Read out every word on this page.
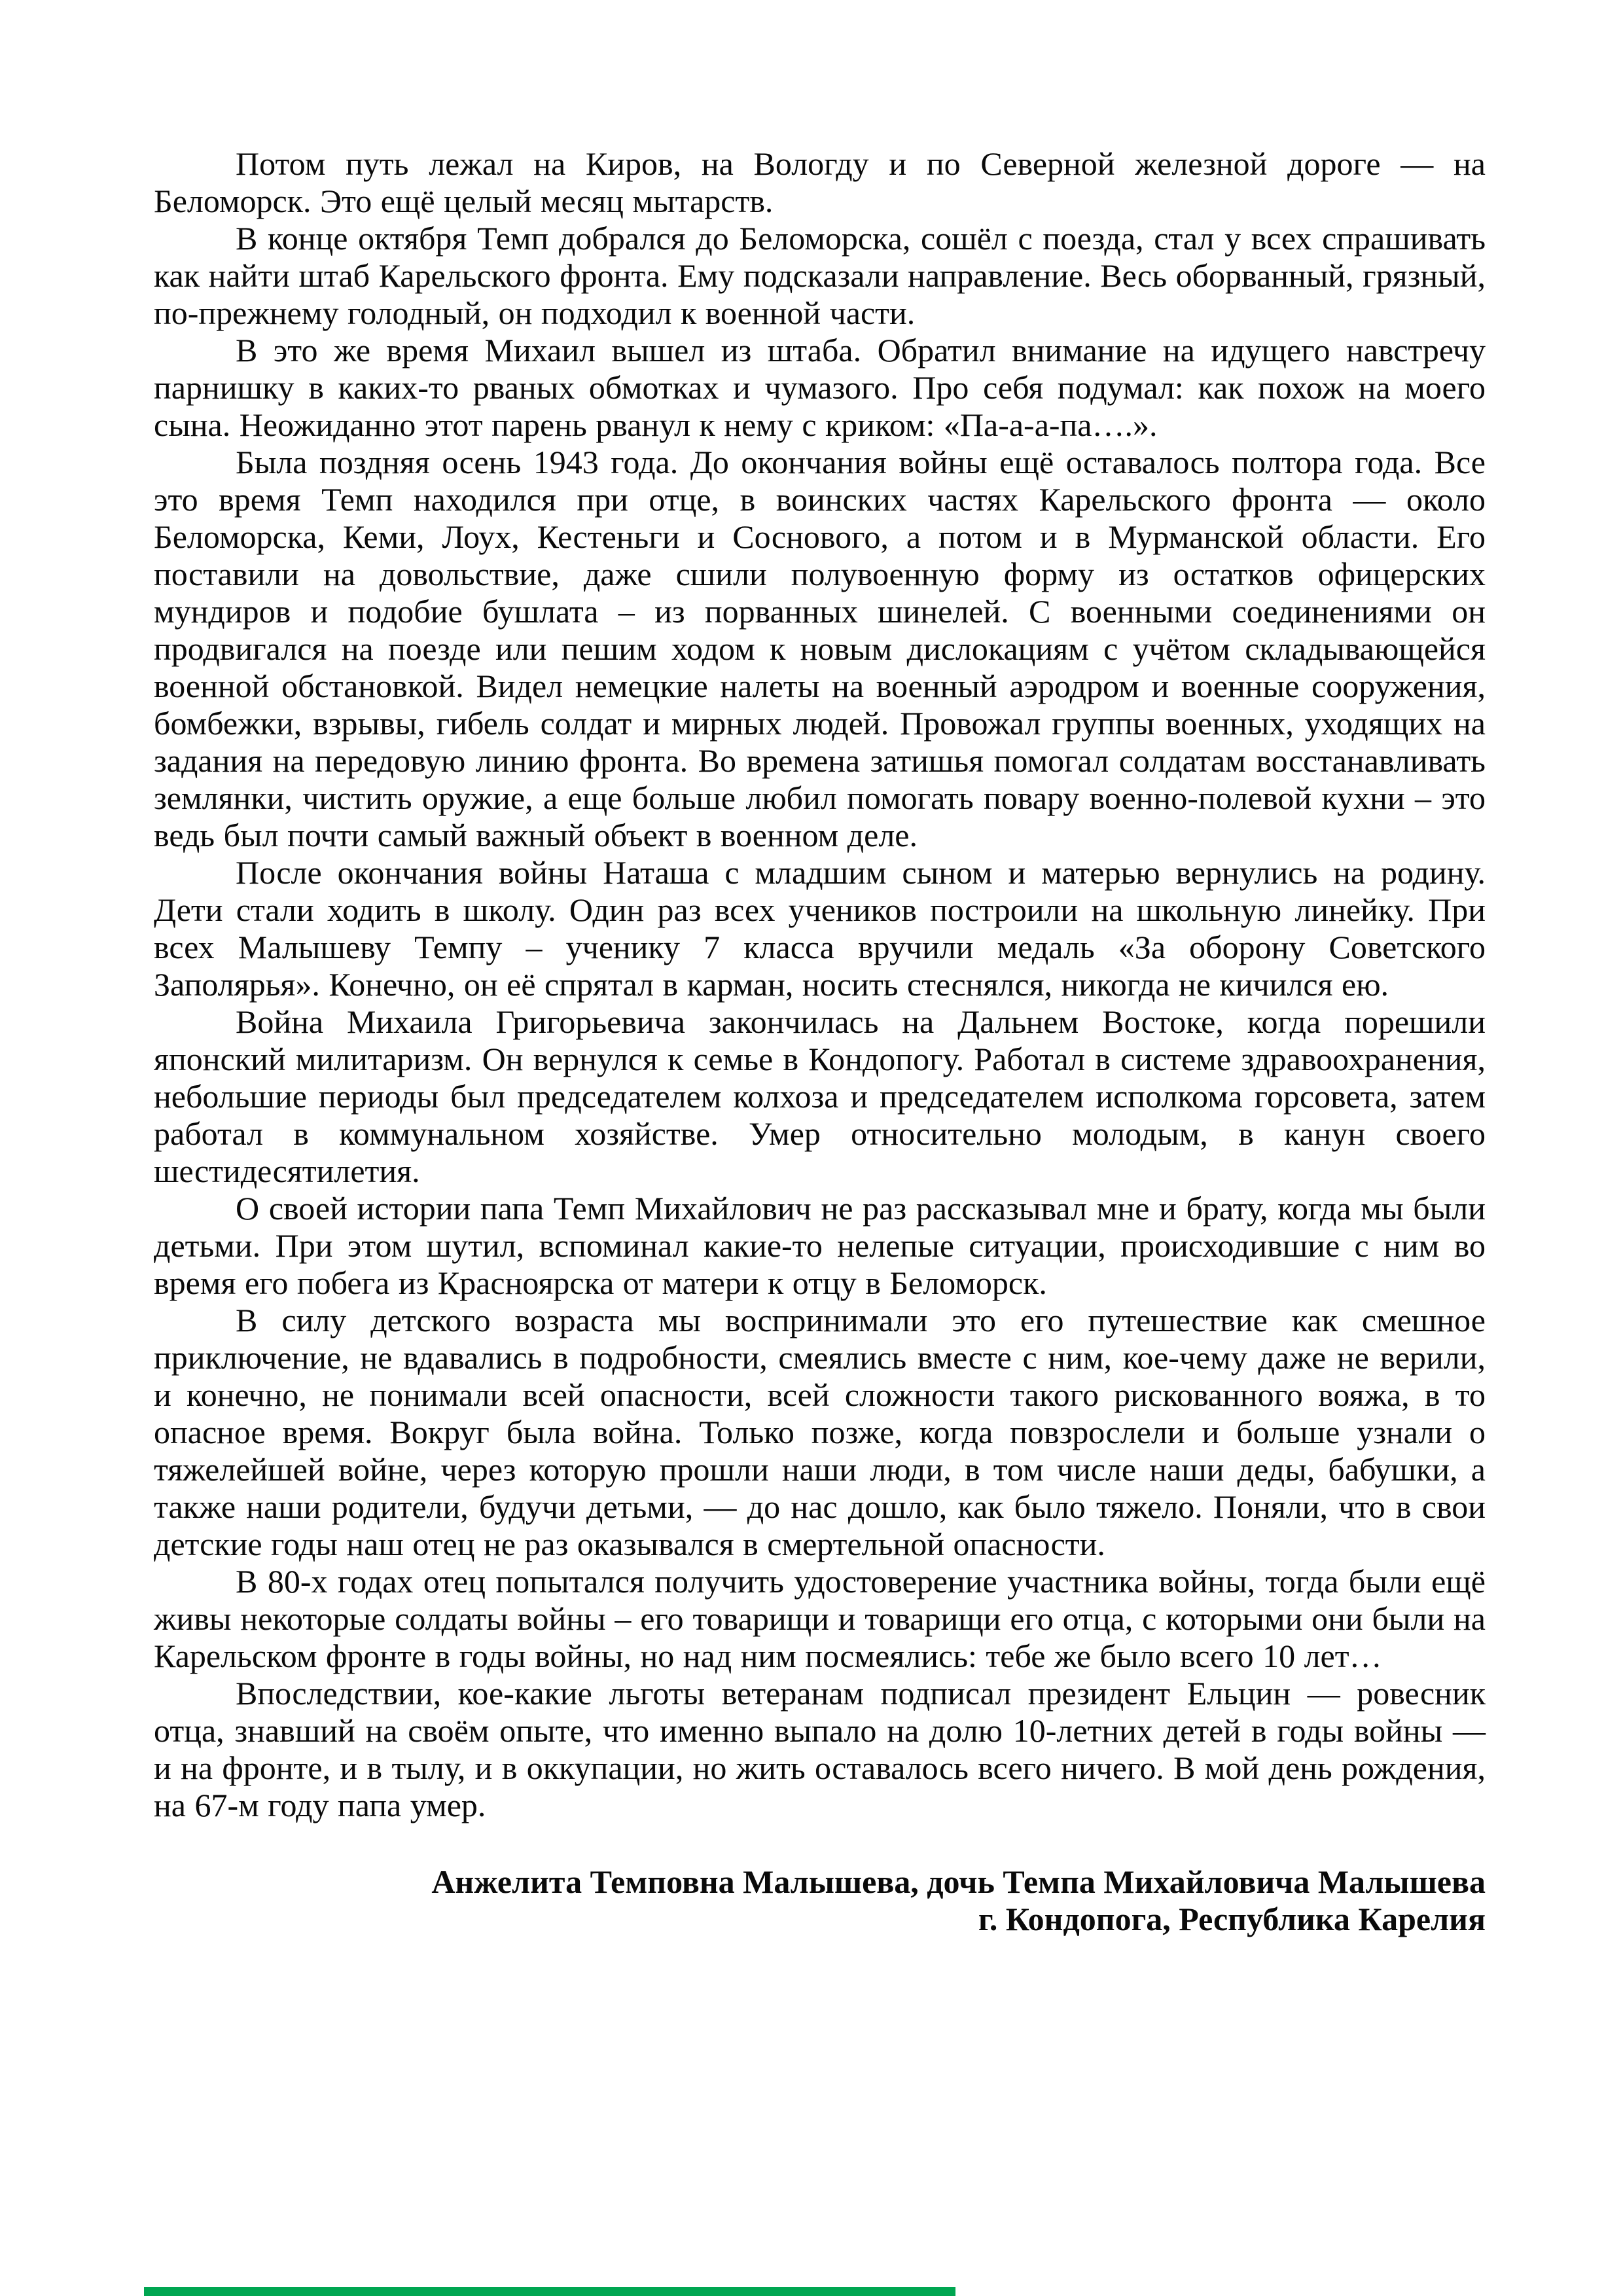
Потом путь лежал на Киров, на Вологду и по Северной железной дороге — на Беломорск. Это ещё целый месяц мытарств.

В конце октября Темп добрался до Беломорска, сошёл с поезда, стал у всех спрашивать как найти штаб Карельского фронта. Ему подсказали направление. Весь оборванный, грязный, по-прежнему голодный, он подходил к военной части.

В это же время Михаил вышел из штаба. Обратил внимание на идущего навстречу парнишку в каких-то рваных обмотках и чумазого. Про себя подумал: как похож на моего сына. Неожиданно этот парень рванул к нему с криком: «Па-а-а-па….».

Была поздняя осень 1943 года. До окончания войны ещё оставалось полтора года. Все это время Темп находился при отце, в воинских частях Карельского фронта — около Беломорска, Кеми, Лоух, Кестеньги и Соснового, а потом и в Мурманской области. Его поставили на довольствие, даже сшили полувоенную форму из остатков офицерских мундиров и подобие бушлата – из порванных шинелей. С военными соединениями он продвигался на поезде или пешим ходом к новым дислокациям с учётом складывающейся военной обстановкой. Видел немецкие налеты на военный аэродром и военные сооружения, бомбежки, взрывы, гибель солдат и мирных людей. Провожал группы военных, уходящих на задания на передовую линию фронта. Во времена затишья помогал солдатам восстанавливать землянки, чистить оружие, а еще больше любил помогать повару военно-полевой кухни – это ведь был почти самый важный объект в военном деле.

После окончания войны Наташа с младшим сыном и матерью вернулись на родину. Дети стали ходить в школу. Один раз всех учеников построили на школьную линейку. При всех Малышеву Темпу – ученику 7 класса вручили медаль «За оборону Советского Заполярья». Конечно, он её спрятал в карман, носить стеснялся, никогда не кичился ею.

Война Михаила Григорьевича закончилась на Дальнем Востоке, когда порешили японский милитаризм. Он вернулся к семье в Кондопогу. Работал в системе здравоохранения, небольшие периоды был председателем колхоза и председателем исполкома горсовета, затем работал в коммунальном хозяйстве. Умер относительно молодым, в канун своего шестидесятилетия.

О своей истории папа Темп Михайлович не раз рассказывал мне и брату, когда мы были детьми. При этом шутил, вспоминал какие-то нелепые ситуации, происходившие с ним во время его побега из Красноярска от матери к отцу в Беломорск.

В силу детского возраста мы воспринимали это его путешествие как смешное приключение, не вдавались в подробности, смеялись вместе с ним, кое-чему даже не верили, и конечно, не понимали всей опасности, всей сложности такого рискованного вояжа, в то опасное время. Вокруг была война. Только позже, когда повзрослели и больше узнали о тяжелейшей войне, через которую прошли наши люди, в том числе наши деды, бабушки, а также наши родители, будучи детьми, — до нас дошло, как было тяжело. Поняли, что в свои детские годы наш отец не раз оказывался в смертельной опасности.

В 80-х годах отец попытался получить удостоверение участника войны, тогда были ещё живы некоторые солдаты войны – его товарищи и товарищи его отца, с которыми они были на Карельском фронте в годы войны, но над ним посмеялись: тебе же было всего 10 лет…

Впоследствии, кое-какие льготы ветеранам подписал президент Ельцин — ровесник отца, знавший на своём опыте, что именно выпало на долю 10-летних детей в годы войны — и на фронте, и в тылу, и в оккупации, но жить оставалось всего ничего. В мой день рождения, на 67-м году папа умер.

Анжелита Темповна Малышева, дочь Темпа Михайловича Малышева

г. Кондопога, Республика Карелия
